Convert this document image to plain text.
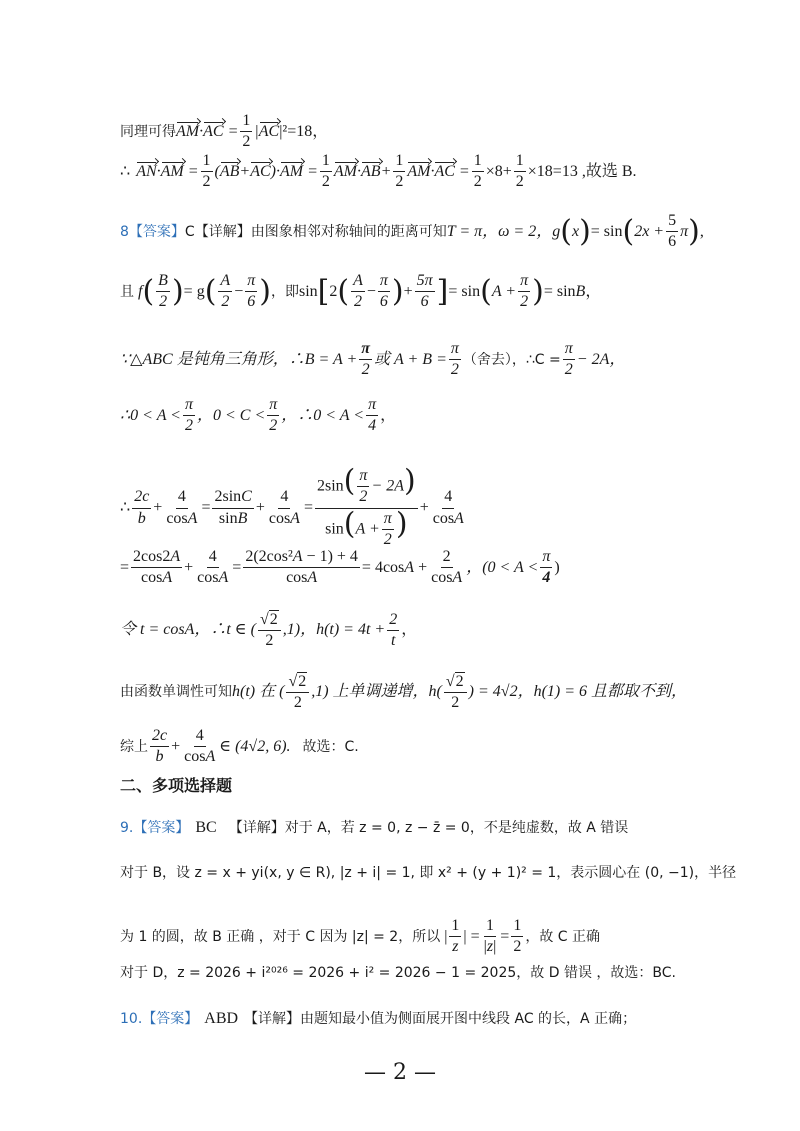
同理可得 $AM\cdot AC = \frac{1}{2} |AC$ |²=18，
∴ $AN\cdot AM = \frac{1}{2} (AB+AC)\cdot AM = \frac{1}{2} AM\cdot AB+ \frac{1}{2} AM\cdot AC = \frac{1}{2} \times 8+ \frac{1}{2} \times 18=13$ ,故选 B.
8【答案】 C【详解】 由图象相邻对称轴间的距离可知 T = π，ω = 2， g ( x ) = sin ( $2x + \frac{5}{6}$ π ) ,
且 f ( $\frac{B}{2}$ ) = g ( $\frac{A}{2} - \frac{\pi}{6}$ ) ，即 sin [ 2 ( $\frac{A}{2} - \frac{\pi}{6}$ ) + $\frac{5\pi}{6}$ ] = sin ( $A + \frac{\pi}{2}$ ) = sin B ，
∵△ABC 是钝角三角形，∴B = $A + \frac{\pi}{2}$ 或 $A + B = \frac{\pi}{2}$ （舍去），∴C = $\frac{\pi}{2} - 2A$，
∴0 < $A < \frac{\pi}{2}$ ，$0 < C < \frac{\pi}{2}$ ，∴0 < $A < \frac{\pi}{4}$ ，
∴ $\frac{2c}{b} + \frac{4}{\cos A} = \frac{2\sin C}{\sin B} + \frac{4}{\cos A} = \frac{2\sin( \frac{\pi}{2} - 2A)}{\sin(A + \frac{\pi}{2} )} + \frac{4}{\cos A}$
= $\frac{2\cos 2A}{\cos A} + \frac{4}{\cos A} = \frac{\text{2(2cos²A − 1) + 4}}{\cos A} = 4\cos A + \frac{2}{\cos A}$ ，($0 < A < \frac{\pi}{4}$ )
令 t = cosA，∴t ∈ ( $\frac{√2}{2} ,1$)，$h(t) = 4t + \frac{2}{t}$ ，
由函数单调性可知 h(t) 在 ( $\frac{√2}{2} ,1$) 上单调递增，$h( \frac{√2}{2}$ ) = 4√2，h(1) = 6 且都取不到，
综上 $\frac{2c}{b} + \frac{4}{\cos A}$ ∈ (4√2, 6). 故选：C.
二、多项选择题
9.【答案】 BC 【详解】对于 A，若 z = 0, z − z̄ = 0，不是纯虚数，故 A 错误
对于 B，设 z = x + yi(x, y ∈ R), |z + i| = 1, 即 x² + (y + 1)² = 1，表示圆心在 (0, −1)，半径
为 1 的圆，故 B 正确 ，对于 C 因为 |z| = 2，所以 | $\frac{1}{z}$ | = $\frac{1}{|z|} = \frac{1}{2}$ ，故 C 正确
对于 D，z = 2026 + i²⁰²⁶ = 2026 + i² = 2026 − 1 = 2025，故 D 错误 ，故选：BC.
10.【答案】 ABD 【详解】由题知最小值为侧面展开图中线段 AC 的长，A 正确；
— 2 —
